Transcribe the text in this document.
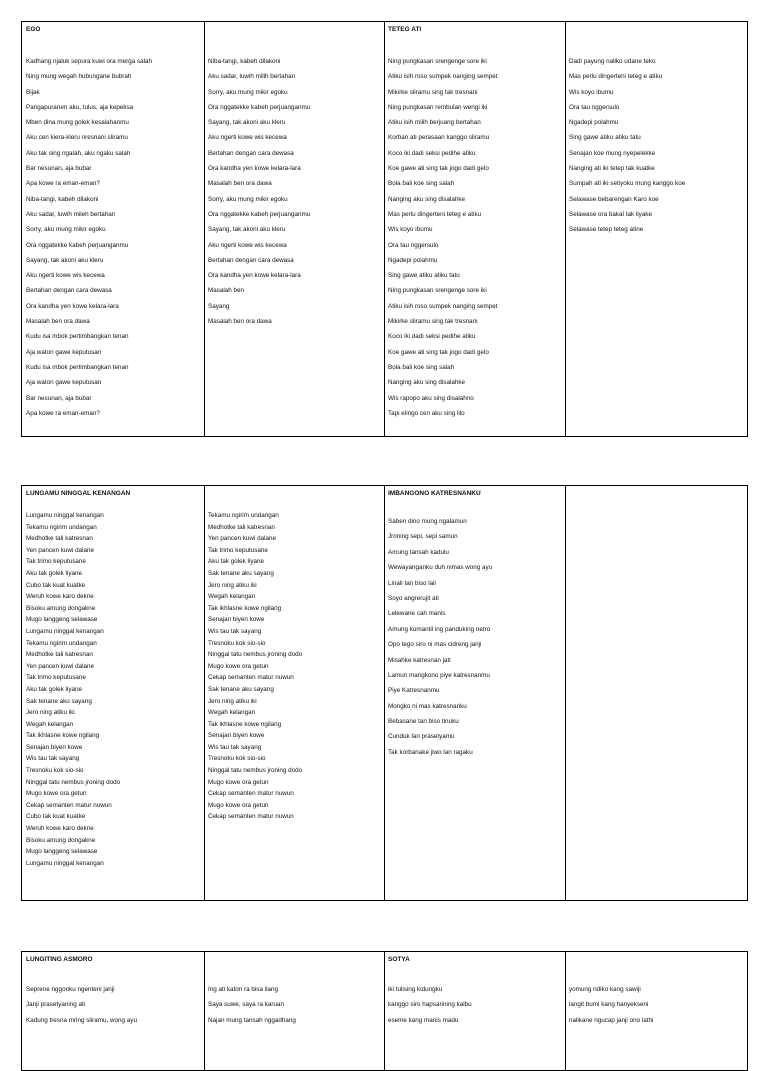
EGO
Kadhang njaluk sepura kuwi ora merga salah
Ning mung wegah hubungane bubrah
Bijak
Pangapuranen aku, tulus, aja kepeksa
Mben dina mung golek kesalahanmu
Aku cen kiera-kleru nresnani sliramu
Aku tak sing ngalah, aku ngaku salah
Bar nesunan, aja bubar
Apa kowe ra eman-eman?
Niba-tangi, kabeh dilakoni
Aku sadar, luwih mileh bertahan
Sorry, aku mung mikir egoku
Ora nggatekke kabeh perjuanganmu
Sayang, tak akoni aku kleru
Aku ngerti kowe wis kecewa
Bertahan dengan cara dewasa
Ora kandha yen kowe kelara-lara
Masalah ben ora dawa
Kudu isa mbok pertimbangkan tenan
Aja waton gawe keputusan
Kudu isa mbok pertimbangkan tenan
Aja waton gawe keputusan
Bar nesunan, aja bubar
Apa kowe ra eman-eman?
Niba-tangi, kabeh dilakoni
Aku sadar, luwih milih bertahan
Sorry, aku mung mikir egoku
Ora nggatekke kabeh perjuanganmu
Sayang, tak akoni aku kleru
Aku ngerti kowe wis kecewa
Bertahan dengan cara dewasa
Ora kandha yen kowe kelara-lara
Masalah ben ora dawa
Sorry, aku mung mikir egoku
Ora nggatekke kabeh perjuanganmu
Sayang, tak akoni aku kleru
Aku ngerti kowe wis kecewa
Bertahan dengan cara dewasa
Ora kandha yen kowe kelara-lara
Masalah ben
Sayang
Masalah ben ora dawa
TETEG ATI
Ning pungkasan srengenge sore iki
Atiku isih roso sumpek nanging sempet
Mikirke sliramu sing tak tresnani
Ning pungkasan rembulan wengi iki
Atiku isih milih berjuang bertahan
Korban ati perasaan kanggo sliramu
Koco iki dadi seksi pedihe atiku
Koe gawe ati sing tak jogo dadi gelo
Bola bali koe sing salah
Nanging aku sing disalahke
Mas perlu dingerteni teteg e atiku
Wis koyo ibumu
Ora tau nggersulo
Ngadepi polahmu
Sing gawe atiku atiku tatu
Ning pungkasan srengenge sore iki
Atiku isih roso sumpek nanging sempet
Mikirke sliramu sing tak tresnani
Koco iki dadi seksi pedihe atiku
Koe gawe ati sing tak jogo dadi gelo
Bola bali koe sing salah
Nanging aku sing disalahke
Wis rapopo aku sing disalahno
Tapi elingo cen aku sing lilo
Dadi payung naliko udane teko
Mas perlu dingerteni teteg e atiku
Wis koyo ibumu
Ora tau nggersulo
Ngadepi polahmu
Sing gawe atiku atiku tatu
Senajan koe mung nyepelekke
Nanging ati iki tetep tak kuatke
Sumpah ati iki setiyoku mung kanggo koe
Selawase bebarengan Karo koe
Selawase ora bakal tak liyake
Selawase tetep teteg atine
LUNGAMU NINGGAL KENANGAN
Lungamu ninggal kenangan
Tekamu ngirim undangan
Medhotke tali katresnan
Yen pancen kuwi dalane
Tak trimo keputusane
Aku tak golek liyane
Cubo tak kuat kuatke
Weruh kowe karo dekne
Bisoku amung dongakne
Mugo langgeng selawase
Lungamu ninggal kenangan
Tekamu ngirim undangan
Medhotke tali katresnan
Yen pancen kuwi dalane
Tak trimo keputusane
Aku tak golek liyane
Sak tenane aku sayang
Jero ning atiku iki
Wegah kelangan
Tak ikhlasne kowe ngilang
Senajan biyen kowe
Wis tau tak sayang
Tresnoku kok sio-sio
Ninggal tatu nembus jroning dodo
Mugo kowe ora getun
Cekap semanten matur nuwun
Cubo tak kuat kuatke
Weruh kowe karo dekne
Bisoku amung dongakne
Mugo langgeng selawase
Lungamu ninggal kenangan
Tekamu ngirim undangan
Medhotke tali katresnan
Yen pancen kuwi dalane
Tak trimo keputusane
Aku tak golek liyane
Sak tenane aku sayang
Jero ning atiku iki
Wegah kelangan
Tak ikhlasne kowe ngilang
Senajan biyen kowe
Wis tau tak sayang
Tresnoku kok sio-sio
Ninggal tatu nembus jroning dodo
Mugo kowe ora getun
Cekap semanten matur nuwun
Sak tenane aku sayang
Jero ning atiku iki
Wegah kelangan
Tak ikhlasne kowe ngilang
Senajan biyen kowe
Wis tau tak sayang
Tresnoku kok sio-sio
Ninggal tatu nembus jroning dodo
Mugo kowe ora getun
Cekap semanten matur nuwun
Mugo kowe ora getun
Cekap semanten matur nuwun
IMBANGONO KATRESNANKU
Saben dino mung ngalamun
Jroning sepi, sepi samun
Amung tansah kadulu
Wewayanganku duh nimas wong ayu
Linali tan biso lali
Soyo angrerujit ati
Lelewane cah manis
Amung kumantil ing panduking netro
Opo tego siro ni mas cidreng janji
Misahke katresnan jati
Lamun mangkono piye katresnanmu
Piye Katresnanmu
Mongko ni mas katresnanku
Bebasane tan biso tinuku
Cunduk lan prasetyamu
Tak korbanake jiwo lan ragaku
LUNGITING ASMORO
Seprene nggonku ngenteni janji
Janji prasetyaning ati
Kadung tresna mring sliramu, wong ayu
Ing ati katon ra bisa ilang
Saya suwe, saya ra karuan
Najan mung tansah nggadhang
SOTYA
iki tulising kidungku
kanggo siro hapsarining kalbu
eseme kang manis madu
yomung ndiko kang sawiji
langit bumi kang hanyekseni
nalikane ngucap janji ono lathi
